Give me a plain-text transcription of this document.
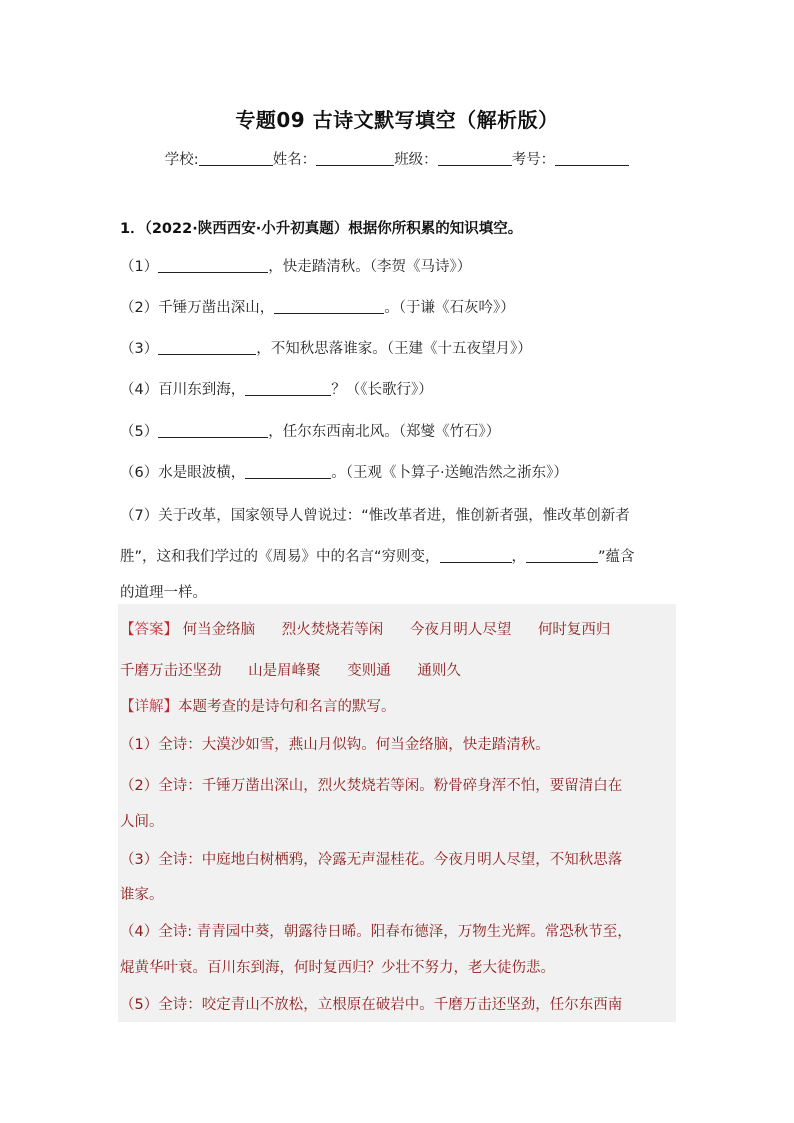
专题09 古诗文默写填空（解析版）
学校:	姓名：	班级：	考号：
1．（2022·陕西西安·小升初真题）根据你所积累的知识填空。
（1）	，快走踏清秋。（李贺《马诗》）
（2）千锤万凿出深山，	。（于谦《石灰吟》）
（3）	，不知秋思落谁家。（王建《十五夜望月》）
（4）百川东到海，	？（《长歌行》）
（5）	，任尔东西南北风。（郑燮《竹石》）
（6）水是眼波横，	。（王观《卜算子·送鲍浩然之浙东》）
（7）关于改革，国家领导人曾说过：“惟改革者进，惟创新者强，惟改革创新者
胜”，这和我们学过的《周易》中的名言“穷则变，	，	”蕴含
的道理一样。
【答案】 何当金络脑 烈火焚烧若等闲 今夜月明人尽望 何时复西归
千磨万击还坚劲 山是眉峰聚 变则通 通则久
【详解】本题考查的是诗句和名言的默写。
（1）全诗：大漠沙如雪，燕山月似钩。何当金络脑，快走踏清秋。
（2）全诗：千锤万凿出深山，烈火焚烧若等闲。粉骨碎身浑不怕，要留清白在
人间。
（3）全诗：中庭地白树栖鸦，冷露无声湿桂花。今夜月明人尽望，不知秋思落
谁家。
（4）全诗: 青青园中葵，朝露待日晞。阳春布德泽，万物生光辉。常恐秋节至，
焜黄华叶衰。百川东到海，何时复西归？少壮不努力，老大徒伤悲。
（5）全诗：咬定青山不放松，立根原在破岩中。千磨万击还坚劲，任尔东西南
